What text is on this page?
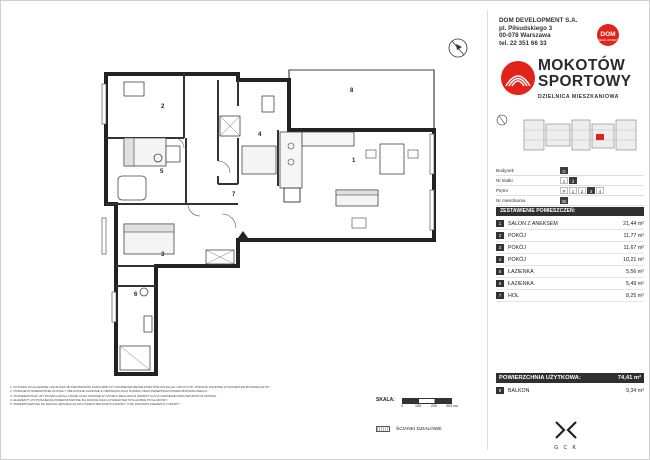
2
3
4
5
6
7
1
8
DOM DEVELOPMENT S.A.
pl. Piłsudskiego 3
00-078 Warszawa
tel. 22 351 66 33
DOM
DEVELOPMENT
MOKOTÓW
SPORTOWY
DZIELNICA MIESZKANIOWA
Budynek	G
Nr klatki	1	2
Piętro	P	1	2	3	4
Nr mieszkania	36
ZESTAWIENIE POMIESZCZEŃ:
1	SALON Z ANEKSEM	21,44 m²
2	POKÓJ	11,77 m²
3	POKÓJ	11,67 m²
4	POKÓJ	10,21 m²
5	ŁAZIENKA	5,56 m²
6	ŁAZIENKA	5,49 m²
7	HOL	8,25 m²
POWIERZCHNIA UŻYTKOWA:	74,41 m²
8	BALKON	9,34 m²

1. RYSUNKI POGLĄDOWE LOKALIZACJĘ PRZYBORÓW SANITARNYCH, ROZMIESZCZENIE PUNKTÓW INSTALACYJNYCH ITP. PODANO ZGODNIE Z PROJEKTEM BUDOWLANYM.

2. PODANE POWIERZCHNIE ZOSTAŁY OBLICZONE ZGODNIE Z OBOWIĄZUJĄCĄ NORMĄ ORAZ PRZEPISAMI PRAWA BUDOWLANEGO.

3. POWIERZCHNIA UŻYTKOWA LOKALU MOŻE ULEC ZMIANIE W WYNIKU REALIZACJI INWESTYCJI W ZAKRESIE DOPUSZCZONYM UMOWĄ.

4. ELEMENTY WYPOSAŻENIA PRZEDSTAWIONE NA RZUCIE MAJĄ CHARAKTER WYŁĄCZNIE POGLĄDOWY.

5. PRZEDSTAWIONA NA RZUCIE ARANŻACJA MA CHARAKTER PRZYKŁADOWY I NIE STANOWI ELEMENTU OFERTY.

SKALA:
0	100	200	300 cm
ŚCIANKI DZIAŁOWE
G C K
